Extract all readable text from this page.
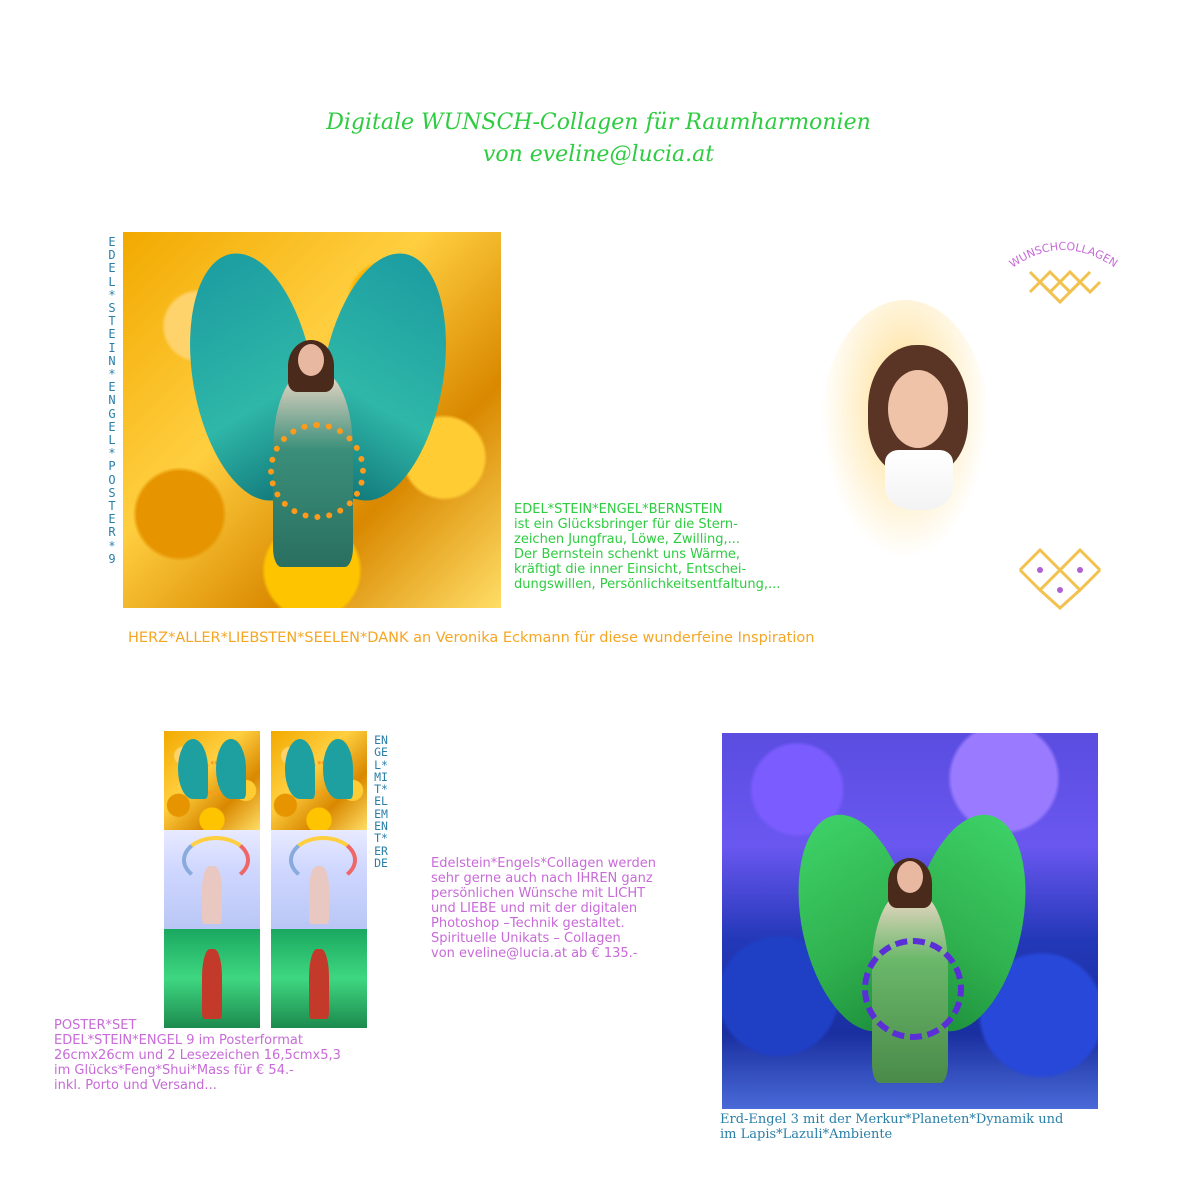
Digitale WUNSCH-Collagen für Raumharmonien
von eveline@lucia.at
EDEL* STEIN* ENGEL* POSTER* 9
WUNSCHCOLLAGEN
EDEL*STEIN*ENGEL*BERNSTEIN
ist ein Glücksbringer für die Stern-
zeichen Jungfrau, Löwe, Zwilling,...
Der Bernstein schenkt uns Wärme,
kräftigt die inner Einsicht, Entschei-
dungswillen, Persönlichkeitsentfaltung,...
HERZ*ALLER*LIEBSTEN*SEELEN*DANK an Veronika Eckmann für diese wunderfeine Inspiration
ENGEL* MIT* ELEMENT* ERDE	Edelstein*Engels*Collagen werden
sehr gerne auch nach IHREN ganz
persönlichen Wünsche mit LICHT
und LIEBE und mit der digitalen
Photoshop –Technik gestaltet.
Spirituelle Unikats – Collagen
von eveline@lucia.at ab € 135.-
POSTER*SET
EDEL*STEIN*ENGEL 9 im Posterformat
26cmx26cm und 2 Lesezeichen 16,5cmx5,3
im Glücks*Feng*Shui*Mass für € 54.-
inkl. Porto und Versand...
Erd-Engel 3 mit der Merkur*Planeten*Dynamik und
im Lapis*Lazuli*Ambiente
